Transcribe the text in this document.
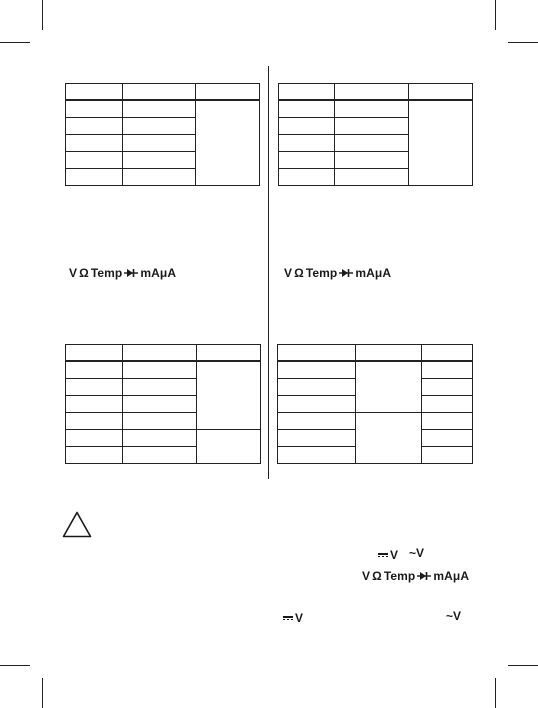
V Ω Temp mA μA	V Ω Temp mA μA
V ~V
V Ω Temp mA μA
V	~V
